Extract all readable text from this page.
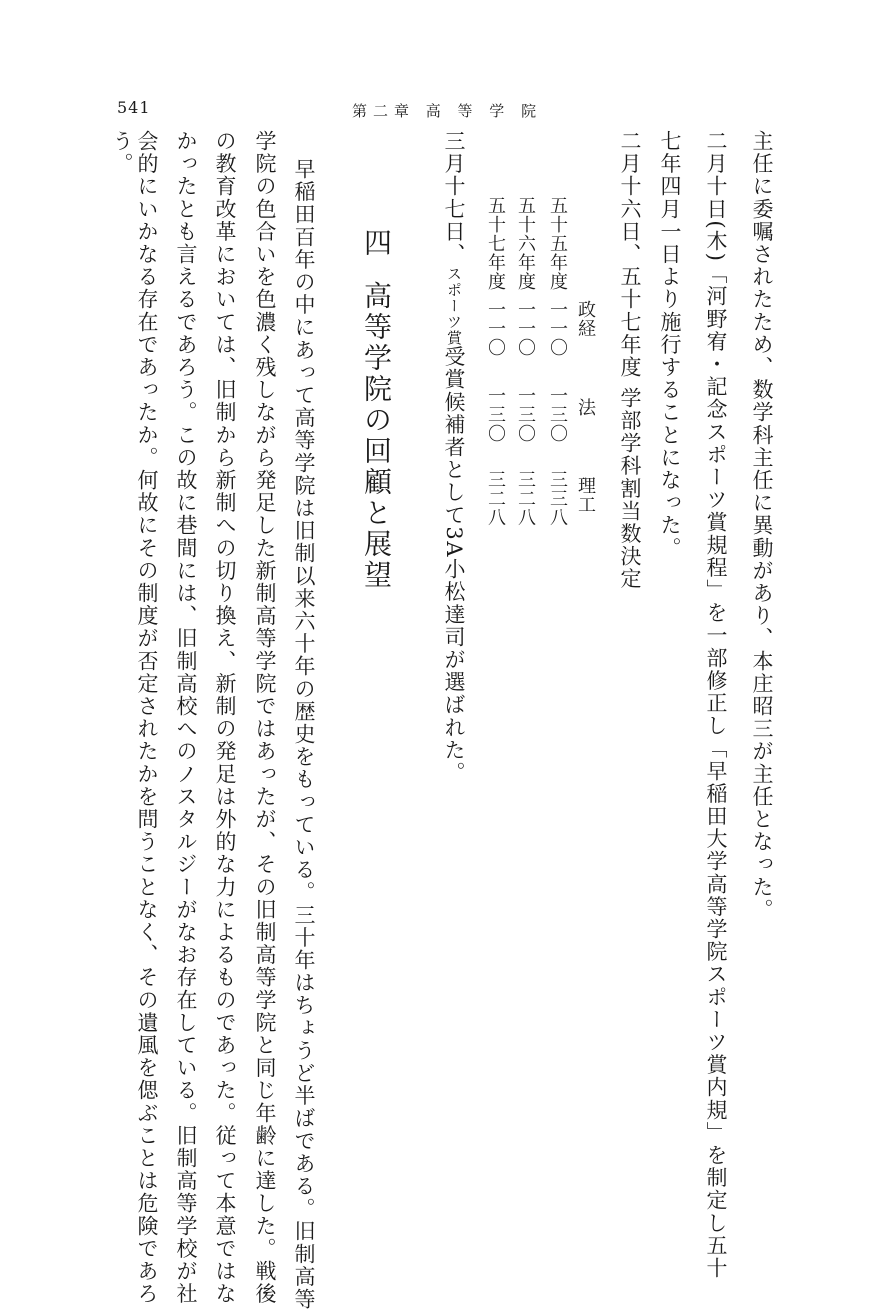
541	第二章 高 等 学 院
主任に委嘱されたため、数学科主任に異動があり、本庄昭三が主任となった。
二月十日(木)「河野宥・記念スポーツ賞規程」を一部修正し「早稲田大学高等学院スポーツ賞内規」を制定し五十
七年四月一日より施行することになった。
二月十六日、五十七年度 学部学科割当数決定
政経
法
理工
五十五年度
一一〇
一三〇
三三八
五十六年度
一一〇
一三〇
三二八
五十七年度
一一〇
一三〇
三二八
三月十七日、スポーツ賞受賞候補者として3A小松達司が選ばれた。
四高等学院の回顧と展望
早稲田百年の中にあって高等学院は旧制以来六十年の歴史をもっている。三十年はちょうど半ばである。旧制高等
学院の色合いを色濃く残しながら発足した新制高等学院ではあったが、その旧制高等学院と同じ年齢に達した。戦後
の教育改革においては、旧制から新制への切り換え、新制の発足は外的な力によるものであった。従って本意ではな
かったとも言えるであろう。この故に巷間には、旧制高校へのノスタルジーがなお存在している。旧制高等学校が社
会的にいかなる存在であったか。何故にその制度が否定されたかを問うことなく、その遺風を偲ぶことは危険であろ
う。
